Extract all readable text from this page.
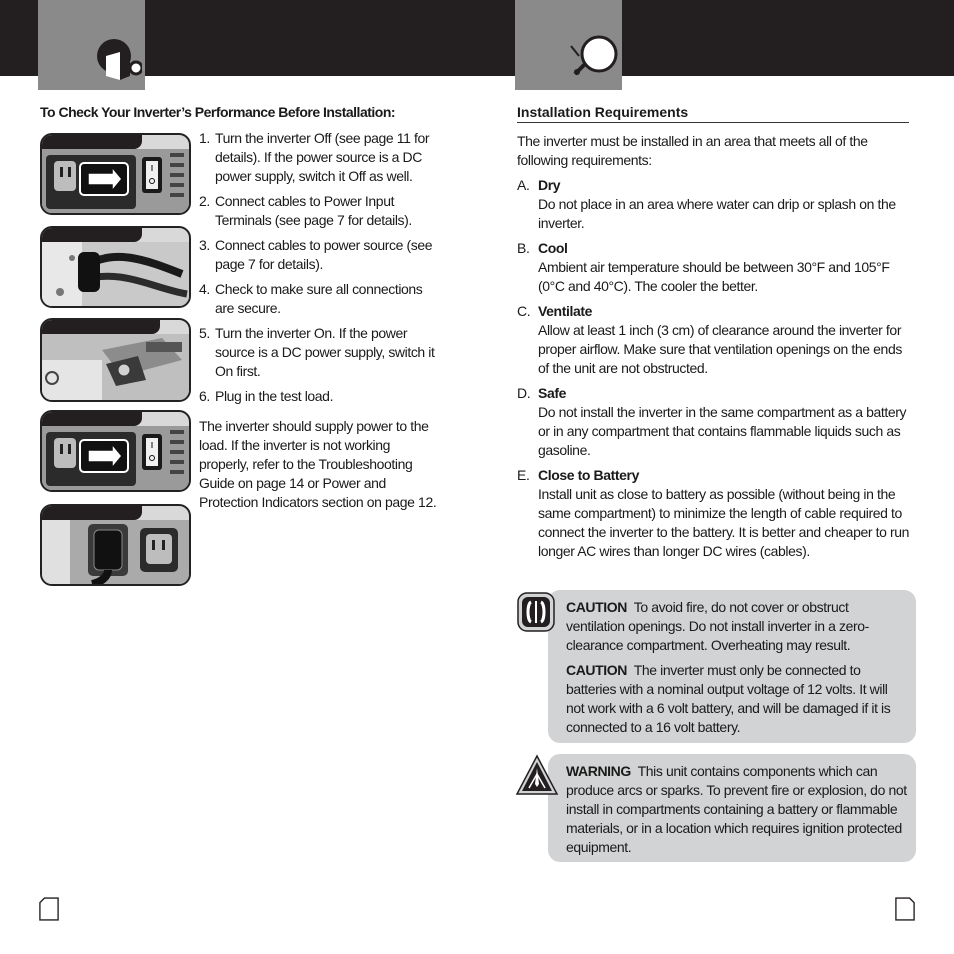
To Check Your Inverter’s Performance Before Installation:
1. Turn the inverter Off (see page 11 for details). If the power source is a DC power supply, switch it Off as well.
2. Connect cables to Power Input Terminals (see page 7 for details).
3. Connect cables to power source (see page 7 for details).
4. Check to make sure all connections are secure.
5. Turn the inverter On. If the power source is a DC power supply, switch it On first.
6. Plug in the test load.
The inverter should supply power to the load. If the inverter is not working properly, refer to the Troubleshooting Guide on page 14 or Power and Protection Indicators section on page 12.
Installation Requirements
The inverter must be installed in an area that meets all of the following requirements:
A. Dry
Do not place in an area where water can drip or splash on the inverter.
B. Cool
Ambient air temperature should be between 30°F and 105°F (0°C and 40°C). The cooler the better.
C. Ventilate
Allow at least 1 inch (3 cm) of clearance around the inverter for proper airflow. Make sure that ventilation openings on the ends of the unit are not obstructed.
D. Safe
Do not install the inverter in the same compartment as a battery or in any compartment that contains flammable liquids such as gasoline.
E. Close to Battery
Install unit as close to battery as possible (without being in the same compartment) to minimize the length of cable required to connect the inverter to the battery. It is better and cheaper to run longer AC wires than longer DC wires (cables).

CAUTION To avoid fire, do not cover or obstruct ventilation openings. Do not install inverter in a zero-clearance compartment. Overheating may result.

CAUTION The inverter must only be connected to batteries with a nominal output voltage of 12 volts. It will not work with a 6 volt battery, and will be damaged if it is connected to a 16 volt battery.

WARNING This unit contains components which can produce arcs or sparks. To prevent fire or explosion, do not install in compartments containing a battery or flammable materials, or in a location which requires ignition protected equipment.
